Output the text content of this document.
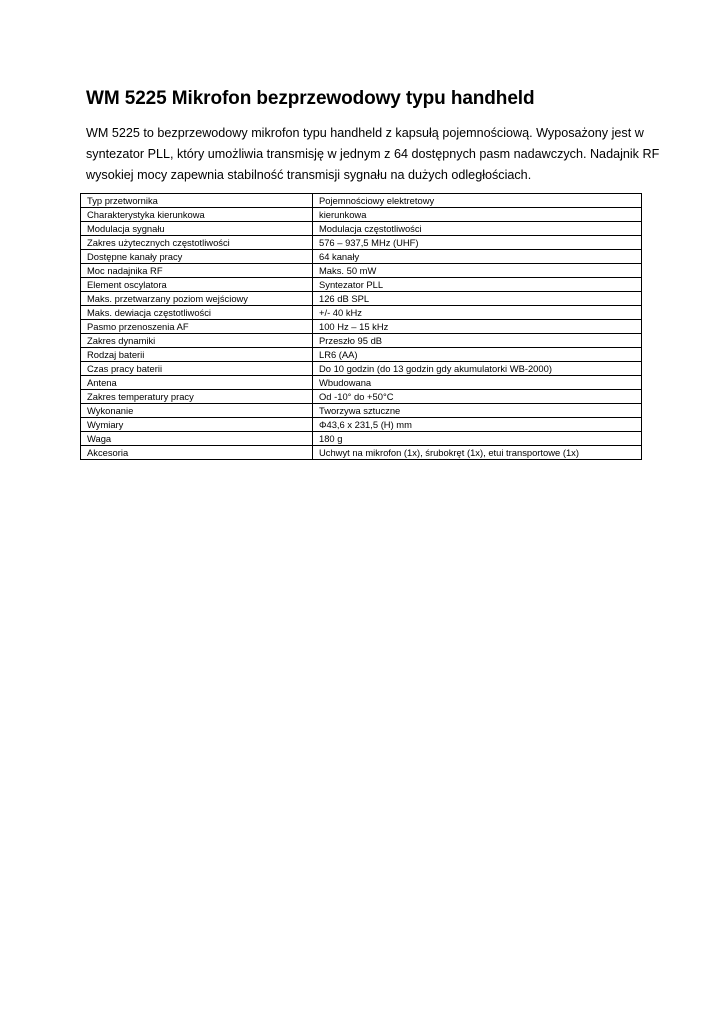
WM 5225 Mikrofon bezprzewodowy typu handheld

WM 5225 to bezprzewodowy mikrofon typu handheld z kapsułą pojemnościową. Wyposażony jest w
syntezator PLL, który umożliwia transmisję w jednym z 64 dostępnych pasm nadawczych. Nadajnik RF
wysokiej mocy zapewnia stabilność transmisji sygnału na dużych odległościach.

Typ przetwornika	Pojemnościowy elektretowy
Charakterystyka kierunkowa	kierunkowa
Modulacja sygnału	Modulacja częstotliwości
Zakres użytecznych częstotliwości	576 – 937,5 MHz (UHF)
Dostępne kanały pracy	64 kanały
Moc nadajnika RF	Maks. 50 mW
Element oscylatora	Syntezator PLL
Maks. przetwarzany poziom wejściowy	126 dB SPL
Maks. dewiacja częstotliwości	+/- 40 kHz
Pasmo przenoszenia AF	100 Hz – 15 kHz
Zakres dynamiki	Przeszło 95 dB
Rodzaj baterii	LR6 (AA)
Czas pracy baterii	Do 10 godzin (do 13 godzin gdy akumulatorki WB-2000)
Antena	Wbudowana
Zakres temperatury pracy	Od -10° do +50°C
Wykonanie	Tworzywa sztuczne
Wymiary	Φ43,6 x 231,5 (H) mm
Waga	180 g
Akcesoria	Uchwyt na mikrofon (1x), śrubokręt (1x), etui transportowe (1x)
